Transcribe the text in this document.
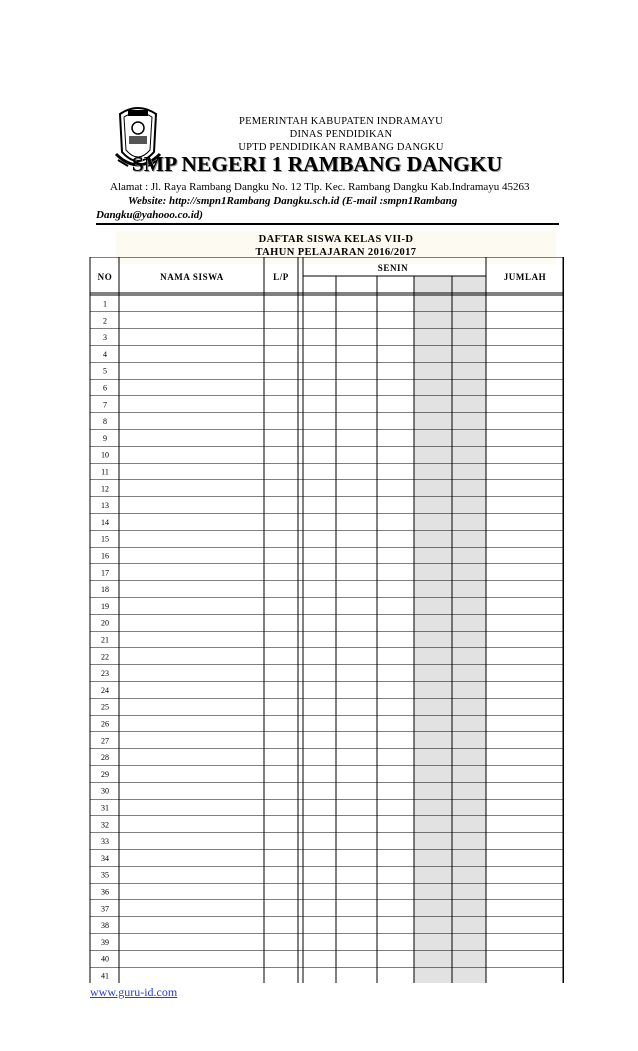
PEMERINTAH KABUPATEN INDRAMAYU
DINAS PENDIDIKAN
UPTD PENDIDIKAN RAMBANG DANGKU
SMP NEGERI 1 RAMBANG DANGKU
Alamat : Jl. Raya Rambang Dangku No. 12 Tlp. Kec. Rambang Dangku Kab.Indramayu 45263
Website: http://smpn1Rambang Dangku.sch.id (E-mail :smpn1Rambang
Dangku@yahooo.co.id)
DAFTAR SISWA KELAS VII-D
TAHUN PELAJARAN 2016/2017
NO	NAMA SISWA	L/P
SENIN
JUMLAH
1
2
3
4
5
6
7
8
9
10
11
12
13
14
15
16
17
18
19
20
21
22
23
24
25
26
27
28
29
30
31
32
33
34
35
36
37
38
39
40
41
www.guru-id.com
